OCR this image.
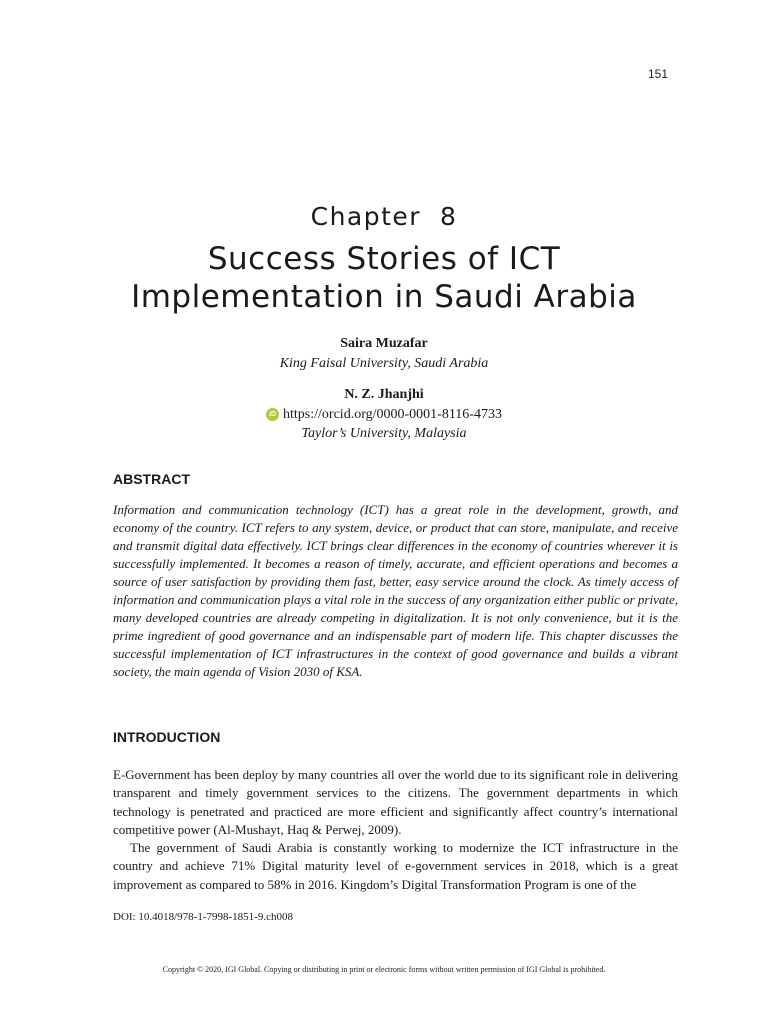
151
Chapter  8
Success Stories of ICT
Implementation in Saudi Arabia
Saira Muzafar
King Faisal University, Saudi Arabia
N. Z. Jhanjhi
iD https://orcid.org/0000-0001-8116-4733
Taylor’s University, Malaysia
ABSTRACT

Information and communication technology (ICT) has a great role in the development, growth, and economy of the country. ICT refers to any system, device, or product that can store, manipulate, and receive and transmit digital data effectively. ICT brings clear differences in the economy of countries wherever it is successfully implemented. It becomes a reason of timely, accurate, and efficient operations and becomes a source of user satisfaction by providing them fast, better, easy service around the clock. As timely access of information and communication plays a vital role in the success of any organization either public or private, many developed countries are already competing in digitalization. It is not only convenience, but it is the prime ingredient of good governance and an indispensable part of modern life. This chapter discusses the successful implementation of ICT infrastructures in the context of good governance and builds a vibrant society, the main agenda of Vision 2030 of KSA.

INTRODUCTION

E-Government has been deploy by many countries all over the world due to its significant role in delivering transparent and timely government services to the citizens. The government departments in which technology is penetrated and practiced are more efficient and significantly affect country’s international competitive power (Al-Mushayt, Haq & Perwej, 2009).

The government of Saudi Arabia is constantly working to modernize the ICT infrastructure in the country and achieve 71% Digital maturity level of e-government services in 2018, which is a great improvement as compared to 58% in 2016. Kingdom’s Digital Transformation Program is one of the

DOI: 10.4018/978-1-7998-1851-9.ch008
Copyright © 2020, IGI Global. Copying or distributing in print or electronic forms without written permission of IGI Global is prohibited.
